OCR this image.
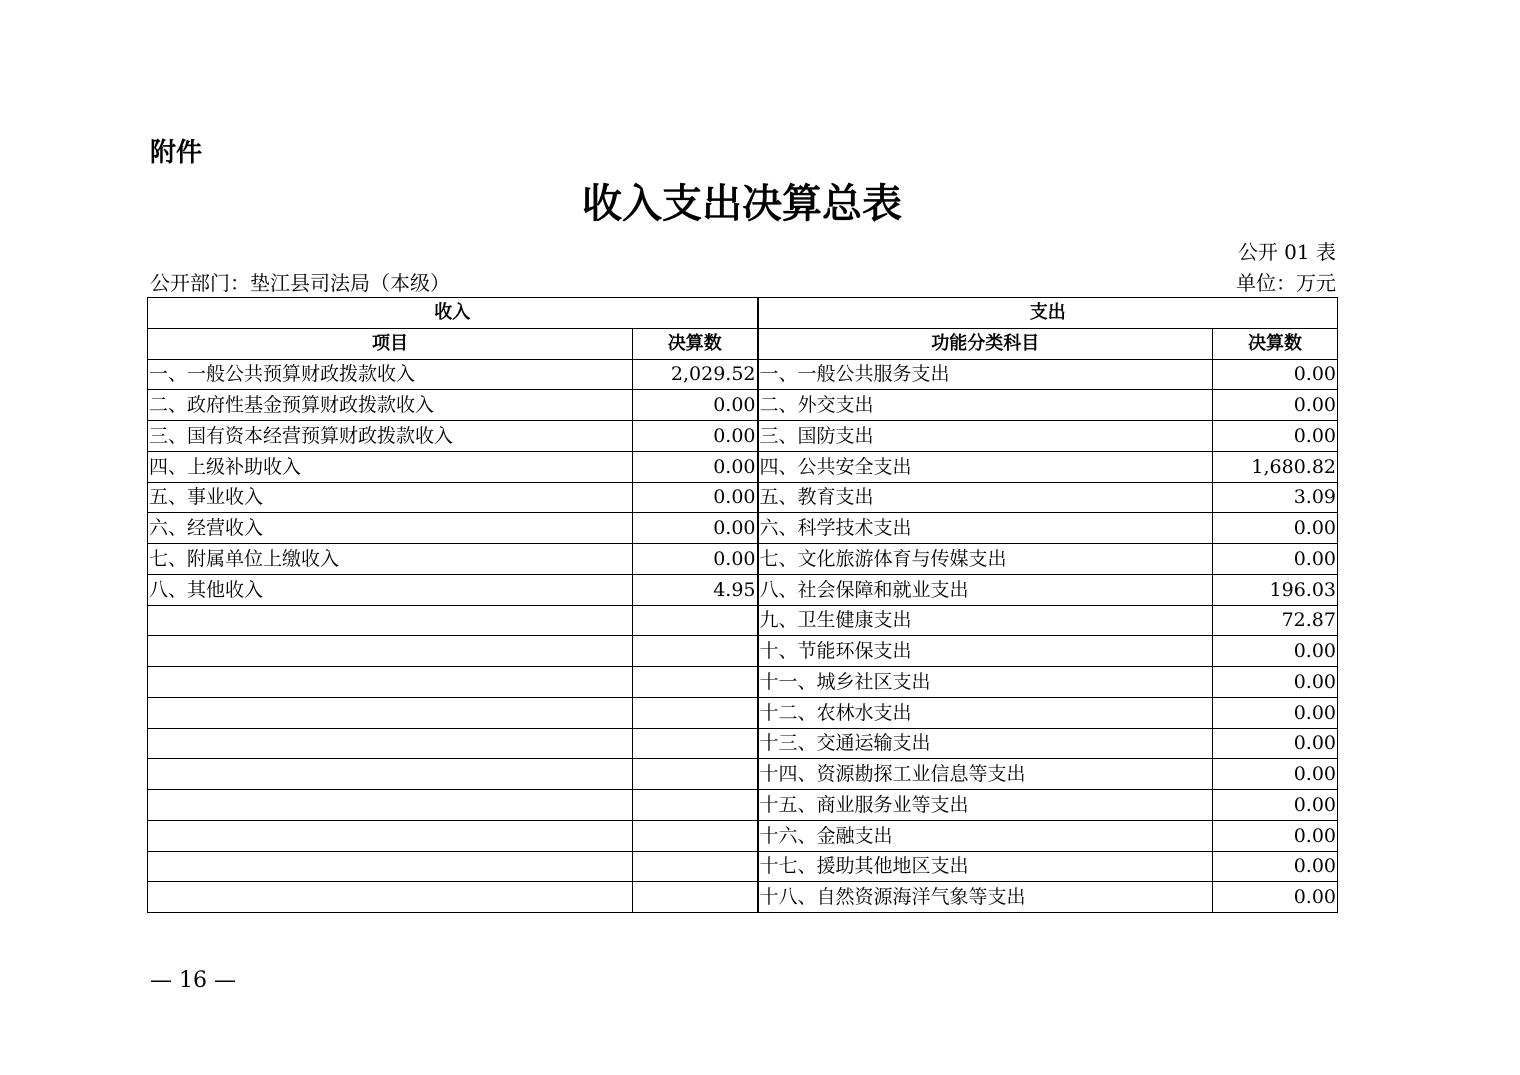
附件
收入支出决算总表
公开 01 表
公开部门：垫江县司法局（本级）	单位：万元
收入		支出	
项目	决算数	功能分类科目	决算数
一、一般公共预算财政拨款收入	2,029.52	一、一般公共服务支出	0.00
二、政府性基金预算财政拨款收入	0.00	二、外交支出	0.00
三、国有资本经营预算财政拨款收入	0.00	三、国防支出	0.00
四、上级补助收入	0.00	四、公共安全支出	1,680.82
五、事业收入	0.00	五、教育支出	3.09
六、经营收入	0.00	六、科学技术支出	0.00
七、附属单位上缴收入	0.00	七、文化旅游体育与传媒支出	0.00
八、其他收入	4.95	八、社会保障和就业支出	196.03
		九、卫生健康支出	72.87
		十、节能环保支出	0.00
		十一、城乡社区支出	0.00
		十二、农林水支出	0.00
		十三、交通运输支出	0.00
		十四、资源勘探工业信息等支出	0.00
		十五、商业服务业等支出	0.00
		十六、金融支出	0.00
		十七、援助其他地区支出	0.00
		十八、自然资源海洋气象等支出	0.00
— 16 —
